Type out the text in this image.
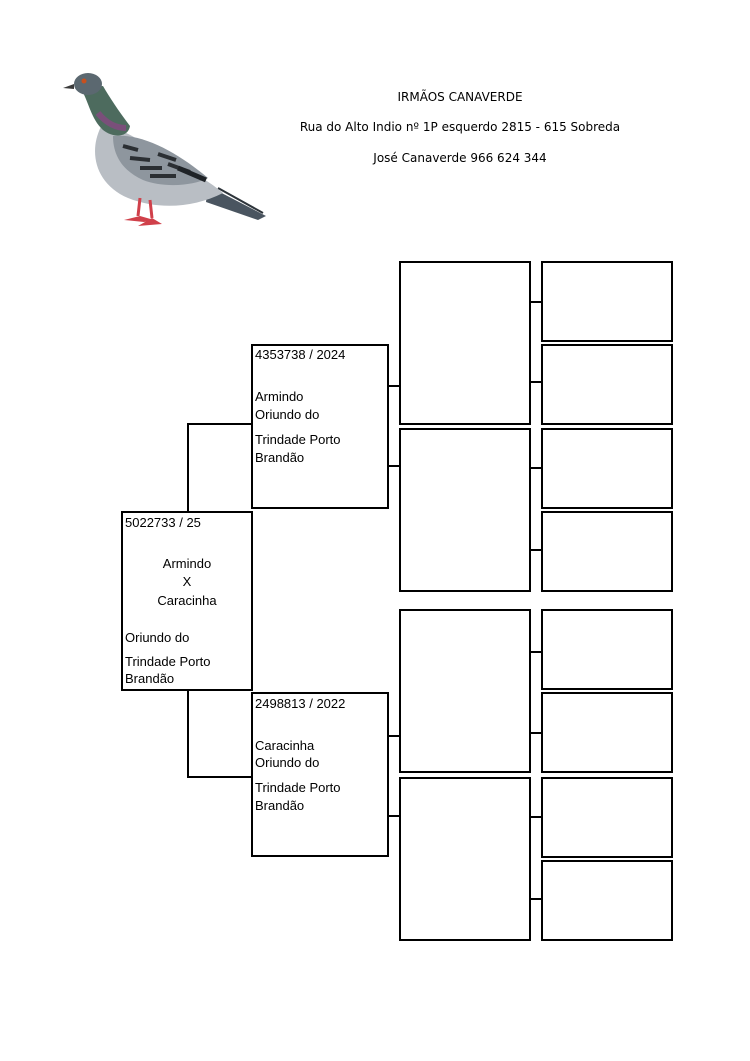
IRMÃOS CANAVERDE
Rua do Alto Indio nº 1P esquerdo 2815 - 615 Sobreda
José Canaverde 966 624 344
5022733 / 25
Armindo
X
Caracinha
Oriundo do
Trindade Porto
Brandão
4353738 / 2024
Armindo
Oriundo do
Trindade Porto
Brandão
2498813 / 2022
Caracinha
Oriundo do
Trindade Porto
Brandão
